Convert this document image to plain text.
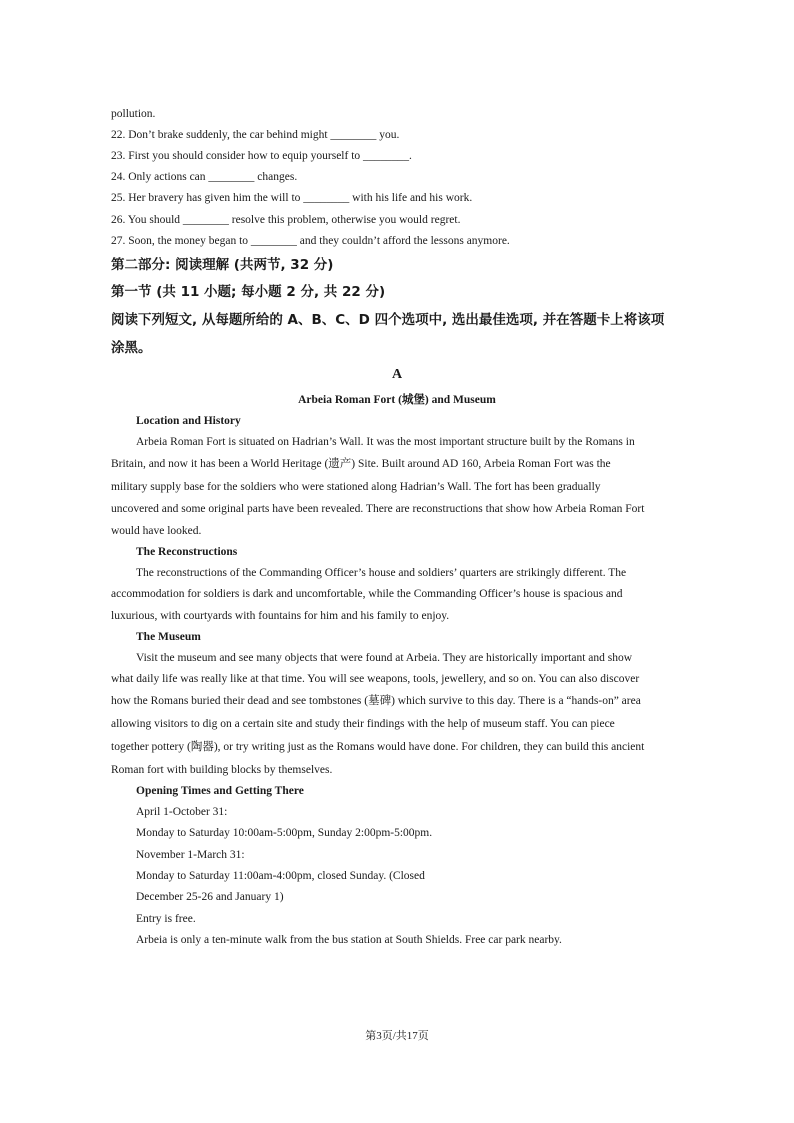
pollution.
22. Don’t brake suddenly, the car behind might ________ you.
23. First you should consider how to equip yourself to ________.
24. Only actions can ________ changes.
25. Her bravery has given him the will to ________ with his life and his work.
26. You should ________ resolve this problem, otherwise you would regret.
27. Soon, the money began to ________ and they couldn’t afford the lessons anymore.
第二部分: 阅读理解 (共两节, 32 分)
第一节 (共 11 小题; 每小题 2 分, 共 22 分)
阅读下列短文, 从每题所给的 A、B、C、D 四个选项中, 选出最佳选项, 并在答题卡上将该项
涂黑。
A
Arbeia Roman Fort (城堡) and Museum
Location and History
Arbeia Roman Fort is situated on Hadrian’s Wall. It was the most important structure built by the Romans in
Britain, and now it has been a World Heritage (遗产) Site. Built around AD 160, Arbeia Roman Fort was the
military supply base for the soldiers who were stationed along Hadrian’s Wall. The fort has been gradually
uncovered and some original parts have been revealed. There are reconstructions that show how Arbeia Roman Fort
would have looked.
The Reconstructions
The reconstructions of the Commanding Officer’s house and soldiers’ quarters are strikingly different. The
accommodation for soldiers is dark and uncomfortable, while the Commanding Officer’s house is spacious and
luxurious, with courtyards with fountains for him and his family to enjoy.
The Museum
Visit the museum and see many objects that were found at Arbeia. They are historically important and show
what daily life was really like at that time. You will see weapons, tools, jewellery, and so on. You can also discover
how the Romans buried their dead and see tombstones (墓碑) which survive to this day. There is a “hands-on” area
allowing visitors to dig on a certain site and study their findings with the help of museum staff. You can piece
together pottery (陶器), or try writing just as the Romans would have done. For children, they can build this ancient
Roman fort with building blocks by themselves.
Opening Times and Getting There
April 1-October 31:
Monday to Saturday 10:00am-5:00pm, Sunday 2:00pm-5:00pm.
November 1-March 31:
Monday to Saturday 11:00am-4:00pm, closed Sunday. (Closed
December 25-26 and January 1)
Entry is free.
Arbeia is only a ten-minute walk from the bus station at South Shields. Free car park nearby.
第3页/共17页
